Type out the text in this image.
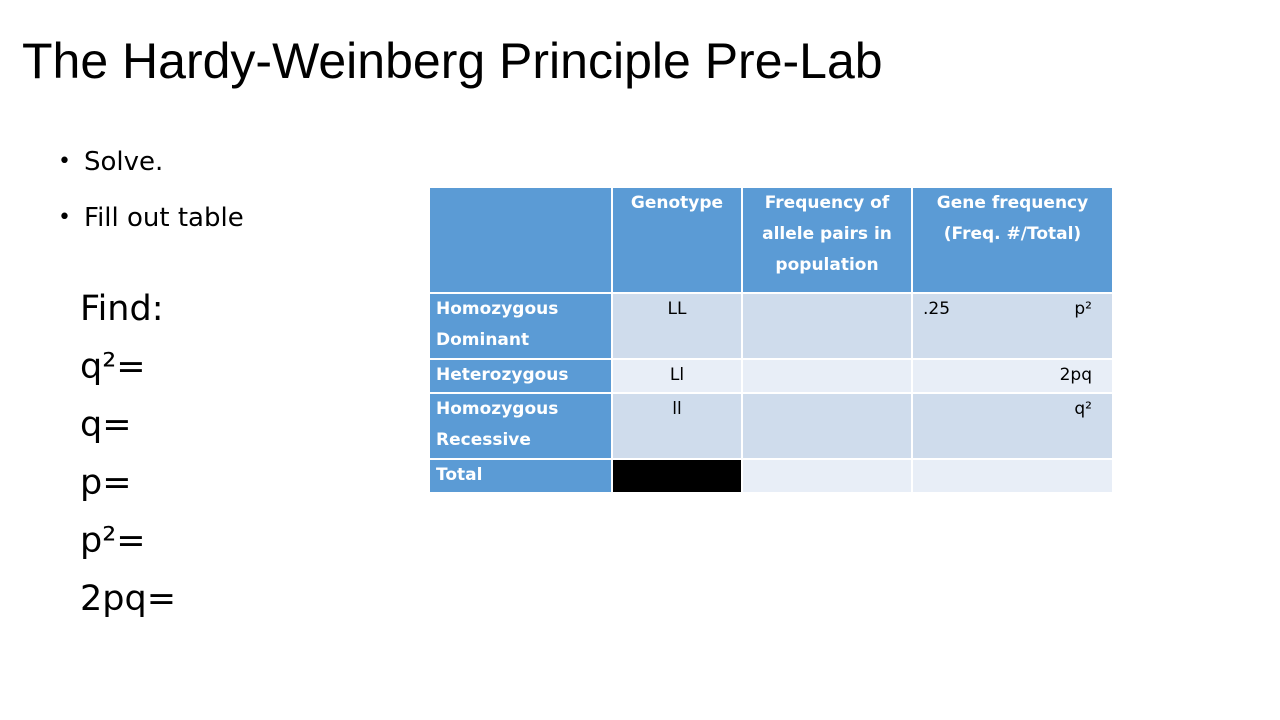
The Hardy-Weinberg Principle Pre-Lab
• Solve.
• Fill out table
Find:
q²=
q=
p=
p²=
2pq=
	Genotype	Frequency of allele pairs in population	Gene frequency (Freq. #/Total)
Homozygous Dominant	LL		.25 p²

Heterozygous	Ll		2pq

Homozygous Recessive	ll		q²

Total			
